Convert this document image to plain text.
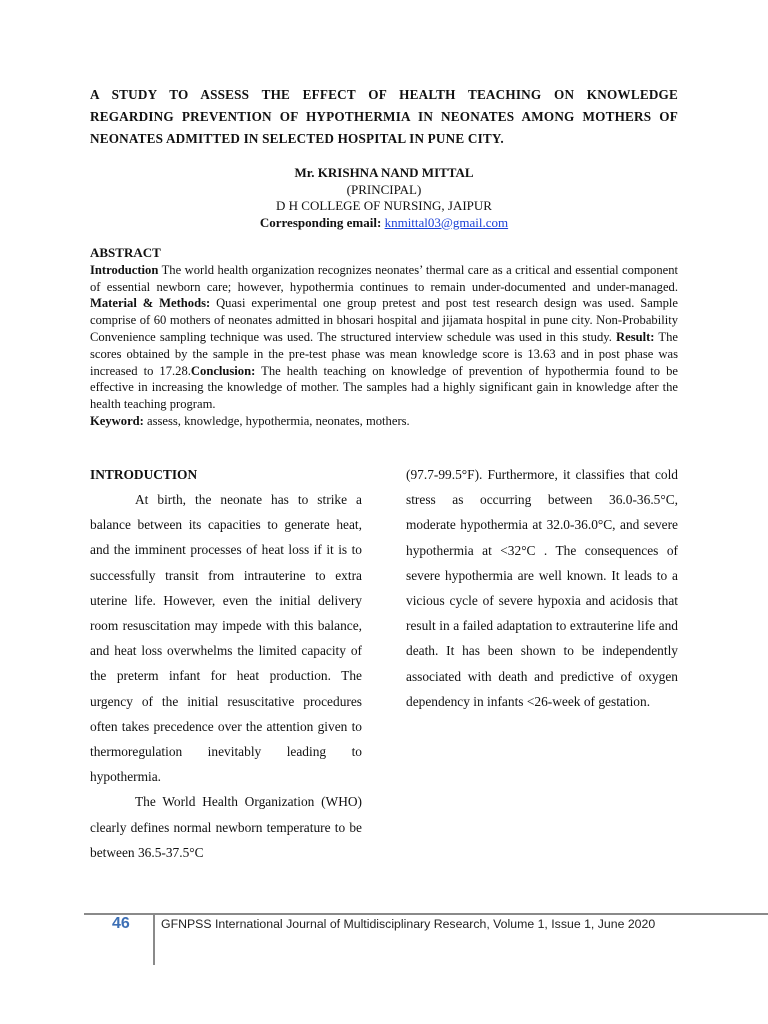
A STUDY TO ASSESS THE EFFECT OF HEALTH TEACHING ON KNOWLEDGE
REGARDING PREVENTION OF HYPOTHERMIA IN NEONATES AMONG MOTHERS OF
NEONATES ADMITTED IN SELECTED HOSPITAL IN PUNE CITY.
Mr. KRISHNA NAND MITTAL
(PRINCIPAL)
D H COLLEGE OF NURSING, JAIPUR
Corresponding email: knmittal03@gmail.com
ABSTRACT

Introduction The world health organization recognizes neonates’ thermal care as a critical and essential component of essential newborn care; however, hypothermia continues to remain under-documented and under-managed. Material & Methods: Quasi experimental one group pretest and post test research design was used. Sample comprise of 60 mothers of neonates admitted in bhosari hospital and jijamata hospital in pune city. Non-Probability Convenience sampling technique was used. The structured interview schedule was used in this study. Result: The scores obtained by the sample in the pre-test phase was mean knowledge score is 13.63 and in post phase was increased to 17.28.Conclusion: The health teaching on knowledge of prevention of hypothermia found to be effective in increasing the knowledge of mother. The samples had a highly significant gain in knowledge after the health teaching program.

Keyword: assess, knowledge, hypothermia, neonates, mothers.

INTRODUCTION

At birth, the neonate has to strike a balance between its capacities to generate heat, and the imminent processes of heat loss if it is to successfully transit from intrauterine to extra uterine life. However, even the initial delivery room resuscitation may impede with this balance, and heat loss overwhelms the limited capacity of the preterm infant for heat production. The urgency of the initial resuscitative procedures often takes precedence over the attention given to thermoregulation inevitably leading to hypothermia.

The World Health Organization (WHO) clearly defines normal newborn temperature to be between 36.5-37.5°C

(97.7-99.5°F). Furthermore, it classifies that cold stress as occurring between 36.0-36.5°C, moderate hypothermia at 32.0-36.0°C, and severe hypothermia at <32°C . The consequences of severe hypothermia are well known. It leads to a vicious cycle of severe hypoxia and acidosis that result in a failed adaptation to extrauterine life and death. It has been shown to be independently associated with death and predictive of oxygen dependency in infants <26-week of gestation.

46	GFNPSS International Journal of Multidisciplinary Research, Volume 1, Issue 1, June 2020
